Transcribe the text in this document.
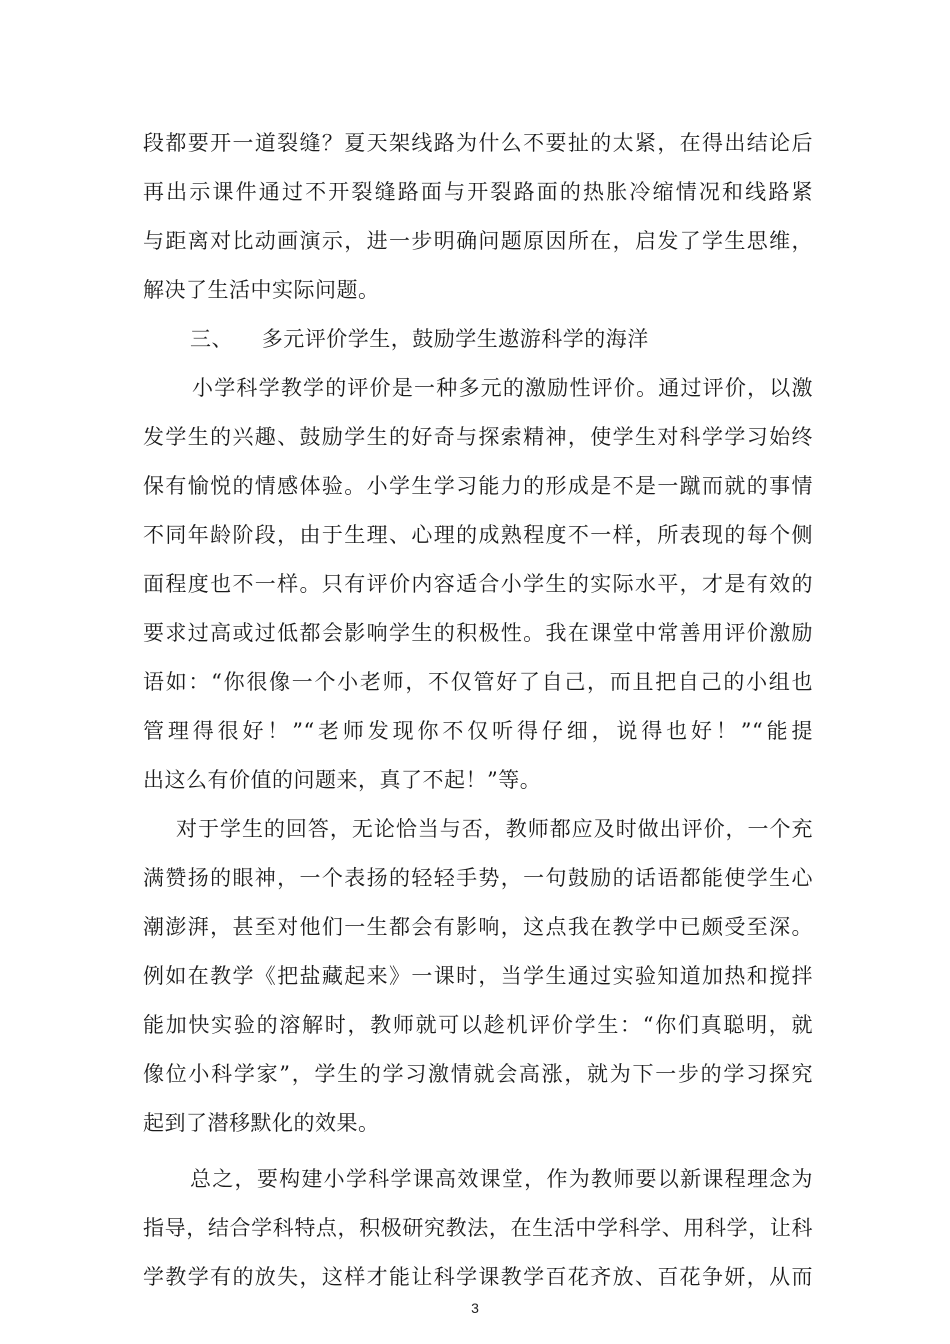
段都要开一道裂缝？夏天架线路为什么不要扯的太紧，在得出结论后
再出示课件通过不开裂缝路面与开裂路面的热胀冷缩情况和线路紧
与距离对比动画演示，进一步明确问题原因所在，启发了学生思维，
解决了生活中实际问题。
三、    多元评价学生，鼓励学生遨游科学的海洋
小学科学教学的评价是一种多元的激励性评价。通过评价，以激
发学生的兴趣、鼓励学生的好奇与探索精神，使学生对科学学习始终
保有愉悦的情感体验。小学生学习能力的形成是不是一蹴而就的事情
不同年龄阶段，由于生理、心理的成熟程度不一样，所表现的每个侧
面程度也不一样。只有评价内容适合小学生的实际水平，才是有效的
要求过高或过低都会影响学生的积极性。我在课堂中常善用评价激励
语如：“你很像一个小老师，不仅管好了自己，而且把自己的小组也
管理得很好！”“老师发现你不仅听得仔细，说得也好！”“能提
出这么有价值的问题来，真了不起！”等。
对于学生的回答，无论恰当与否，教师都应及时做出评价，一个充
满赞扬的眼神，一个表扬的轻轻手势，一句鼓励的话语都能使学生心
潮澎湃，甚至对他们一生都会有影响，这点我在教学中已颇受至深。
例如在教学《把盐藏起来》一课时，当学生通过实验知道加热和搅拌
能加快实验的溶解时，教师就可以趁机评价学生：“你们真聪明，就
像位小科学家”，学生的学习激情就会高涨，就为下一步的学习探究
起到了潜移默化的效果。
总之，要构建小学科学课高效课堂，作为教师要以新课程理念为
指导，结合学科特点，积极研究教法，在生活中学科学、用科学，让科
学教学有的放失，这样才能让科学课教学百花齐放、百花争妍，从而
3
